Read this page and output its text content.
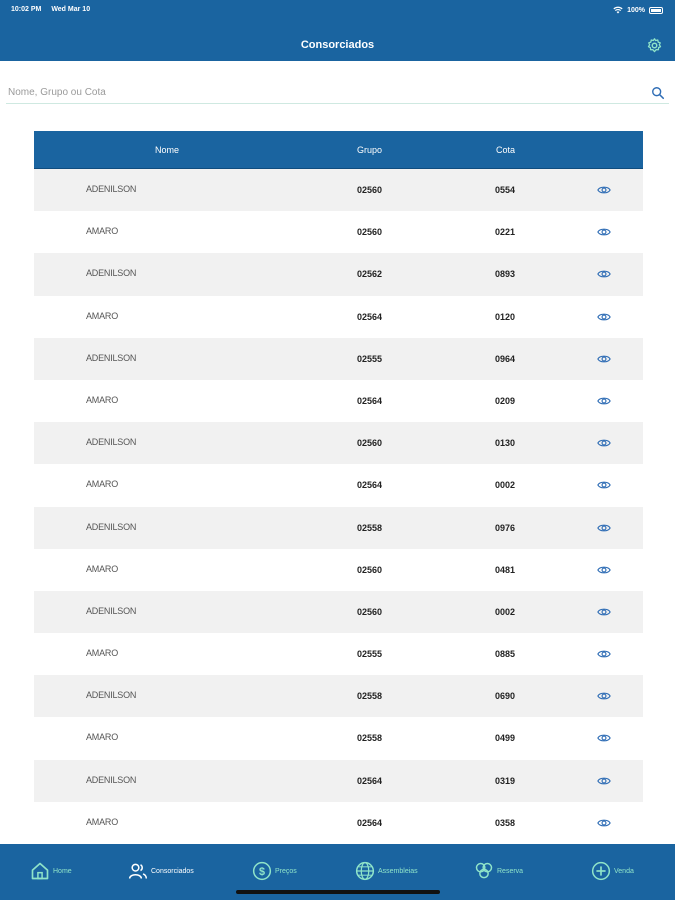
10:02 PM Wed Mar 10	100%
Consorciados
Nome, Grupo ou Cota
Nome	Grupo	Cota
ADENILSON	02560	0554
AMARO	02560	0221
ADENILSON	02562	0893
AMARO	02564	0120
ADENILSON	02555	0964
AMARO	02564	0209
ADENILSON	02560	0130
AMARO	02564	0002
ADENILSON	02558	0976
AMARO	02560	0481
ADENILSON	02560	0002
AMARO	02555	0885
ADENILSON	02558	0690
AMARO	02558	0499
ADENILSON	02564	0319
AMARO	02564	0358
Home	Consorciados	$ Preços	Assembleias	Reserva	Venda
